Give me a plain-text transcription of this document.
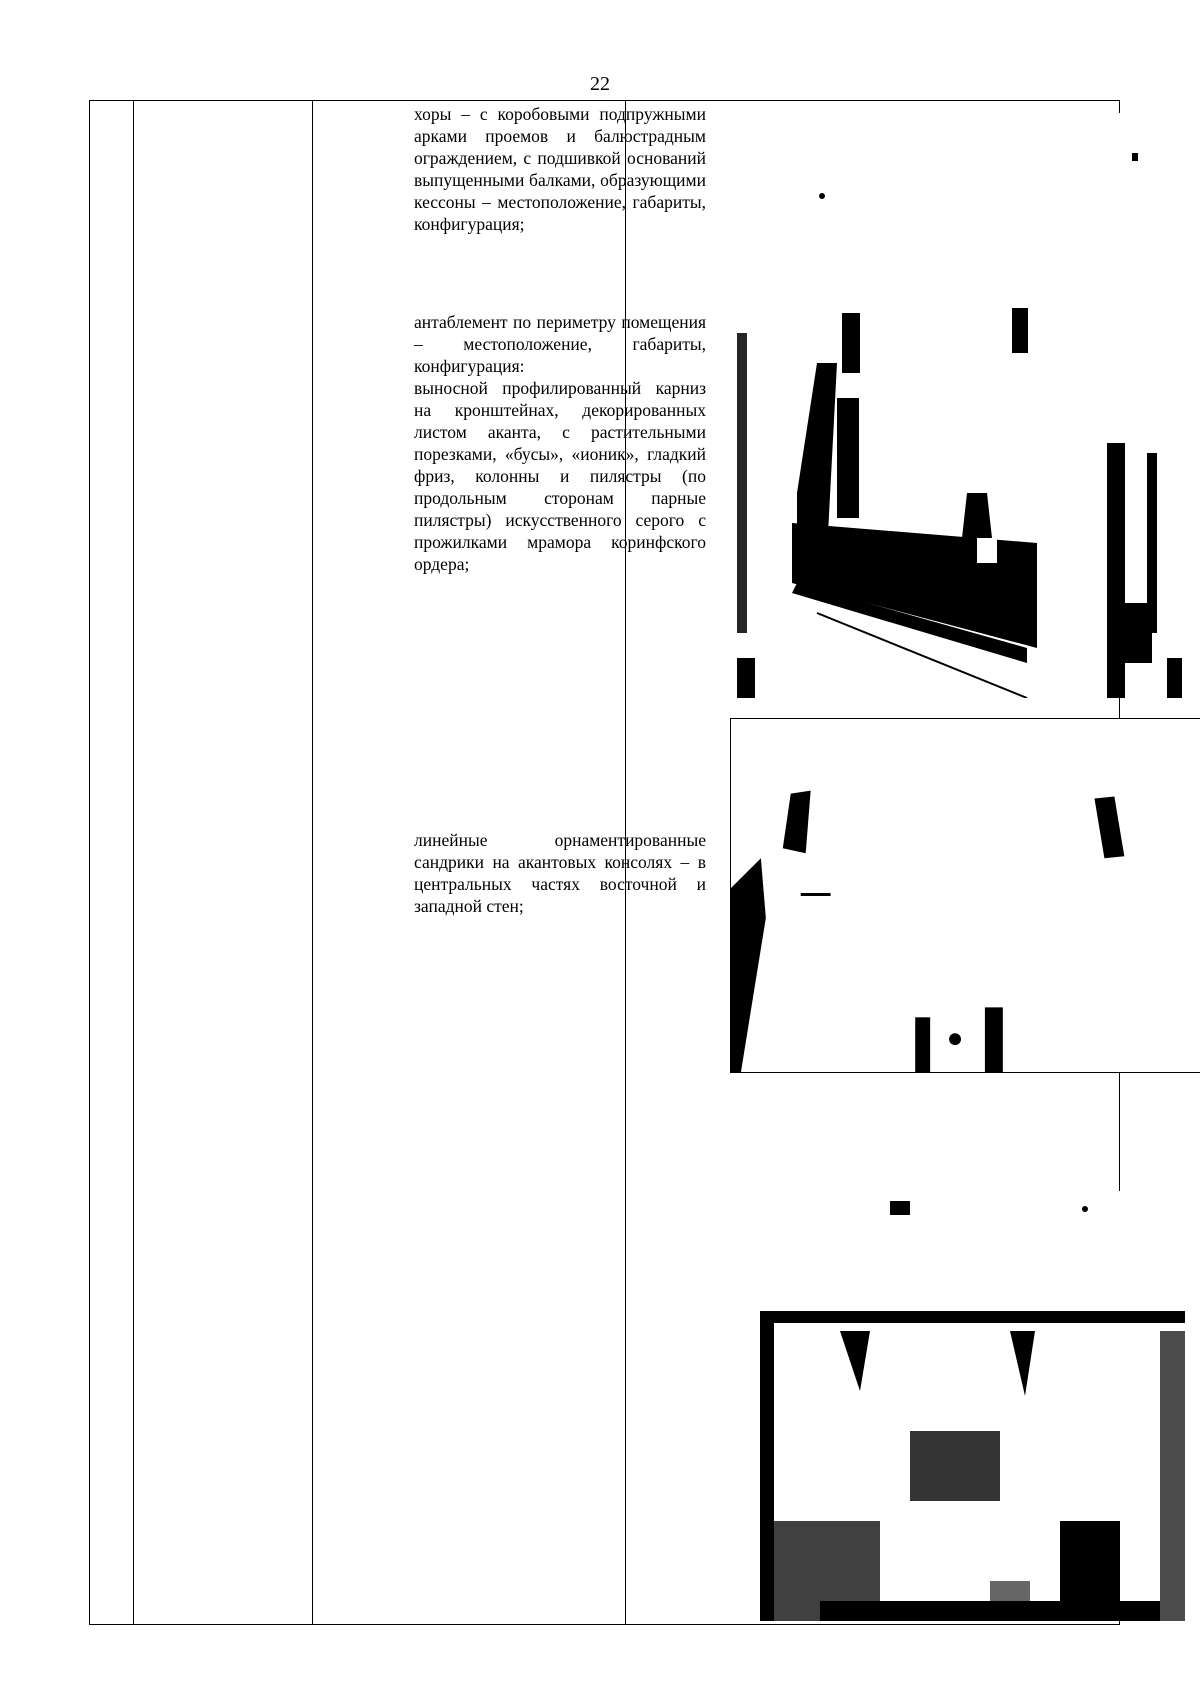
22

хоры – с коробовыми подпружными арками проемов и балюстрадным ограждением, с подшивкой оснований выпущенными балками, образующими кессоны – местоположение, габариты, конфигурация;

антаблемент по периметру помещения – местоположение, габариты, конфигурация:

выносной профилированный карниз на кронштейнах, декорированных листом аканта, с растительными порезками, «бусы», «ионик», гладкий фриз, колонны и пилястры (по продольным сторонам парные пилястры) искусственного серого с прожилками мрамора коринфского ордера;

линейные орнаментированные сандрики на акантовых консолях – в центральных частях восточной и западной стен;
